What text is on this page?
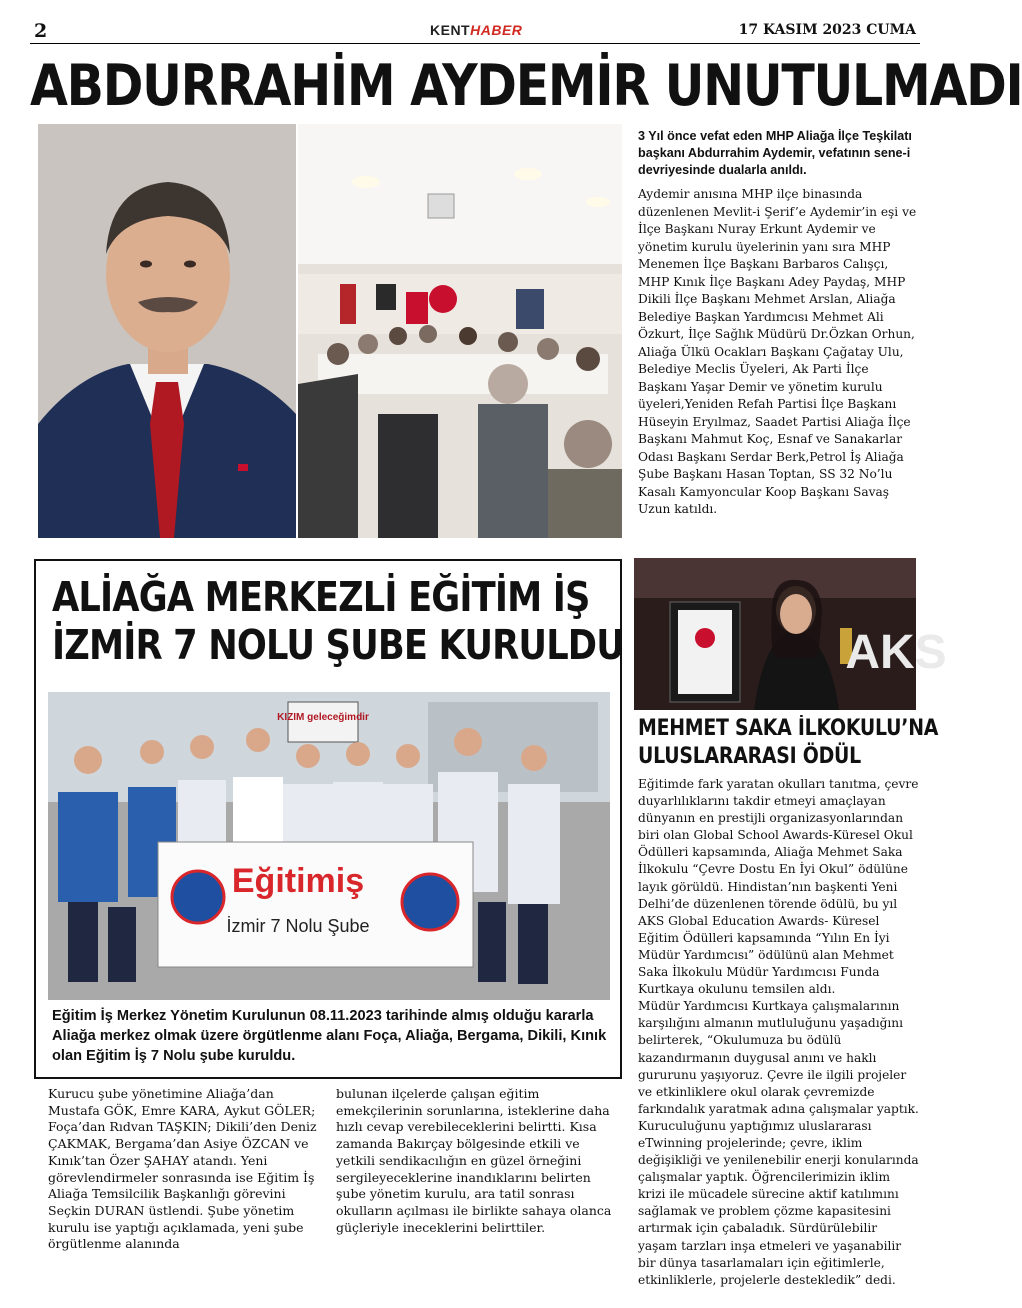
2	KENTHABER	17 KASIM 2023 CUMA
ABDURRAHİM AYDEMİR UNUTULMADI
3 Yıl önce vefat eden MHP Aliağa İlçe Teşkilatı başkanı Abdurrahim Aydemir, vefatının sene-i devriyesinde dualarla anıldı.
Aydemir anısına MHP ilçe binasında düzenlenen Mevlit-i Şerif’e Aydemir’in eşi ve İlçe Başkanı Nuray Erkunt Aydemir ve yönetim kurulu üyelerinin yanı sıra MHP Menemen İlçe Başkanı Barbaros Calışçı, MHP Kınık İlçe Başkanı Adey Paydaş, MHP Dikili İlçe Başkanı Mehmet Arslan, Aliağa Belediye Başkan Yardımcısı Mehmet Ali Özkurt, İlçe Sağlık Müdürü Dr.Özkan Orhun, Aliağa Ülkü Ocakları Başkanı Çağatay Ulu, Belediye Meclis Üyeleri, Ak Parti İlçe Başkanı Yaşar Demir ve yönetim kurulu üyeleri,Yeniden Refah Partisi İlçe Başkanı Hüseyin Eryılmaz, Saadet Partisi Aliağa İlçe Başkanı Mahmut Koç, Esnaf ve Sanakarlar Odası Başkanı Serdar Berk,Petrol İş Aliağa Şube Başkanı Hasan Toptan, SS 32 No’lu Kasalı Kamyoncular Koop Başkanı Savaş Uzun katıldı.
ALİAĞA MERKEZLİ EĞİTİM İŞ
İZMİR 7 NOLU ŞUBE KURULDU
KIZIM geleceğimdir
Eğitimiş
İzmir 7 Nolu Şube
Eğitim İş Merkez Yönetim Kurulunun 08.11.2023 tarihinde almış olduğu kararla Aliağa merkez olmak üzere örgütlenme alanı Foça, Aliağa, Bergama, Dikili, Kınık olan Eğitim İş 7 Nolu şube kuruldu.
Kurucu şube yönetimine Aliağa’dan Mustafa GÖK, Emre KARA, Aykut GÖLER; Foça’dan Rıdvan TAŞKIN; Dikili’den Deniz ÇAKMAK, Bergama’dan Asiye ÖZCAN ve Kınık’tan Özer ŞAHAY atandı. Yeni görevlendirmeler sonrasında ise Eğitim İş Aliağa Temsilcilik Başkanlığı görevini Seçkin DURAN üstlendi. Şube yönetim kurulu ise yaptığı açıklamada, yeni şube örgütlenme alanında
bulunan ilçelerde çalışan eğitim emekçilerinin sorunlarına, isteklerine daha hızlı cevap verebileceklerini belirtti. Kısa zamanda Bakırçay bölgesinde etkili ve yetkili sendikacılığın en güzel örneğini sergileyeceklerine inandıklarını belirten şube yönetim kurulu, ara tatil sonrası okulların açılması ile birlikte sahaya olanca güçleriyle ineceklerini belirttiler.
AKS
MEHMET SAKA İLKOKULU’NA
ULUSLARARASI ÖDÜL

Eğitimde fark yaratan okulları tanıtma, çevre duyarlılıklarını takdir etmeyi amaçlayan dünyanın en prestijli organizasyonlarından biri olan Global School Awards-Küresel Okul Ödülleri kapsamında, Aliağa Mehmet Saka İlkokulu “Çevre Dostu En İyi Okul” ödülüne layık görüldü. Hindistan’nın başkenti Yeni Delhi’de düzenlenen törende ödülü, bu yıl AKS Global Education Awards- Küresel Eğitim Ödülleri kapsamında “Yılın En İyi Müdür Yardımcısı” ödülünü alan Mehmet Saka İlkokulu Müdür Yardımcısı Funda Kurtkaya okulunu temsilen aldı.

Müdür Yardımcısı Kurtkaya çalışmalarının karşılığını almanın mutluluğunu yaşadığını belirterek, “Okulumuza bu ödülü kazandırmanın duygusal anını ve haklı gururunu yaşıyoruz. Çevre ile ilgili projeler ve etkinliklere okul olarak çevremizde farkındalık yaratmak adına çalışmalar yaptık. Kuruculuğunu yaptığımız uluslararası eTwinning projelerinde; çevre, iklim değişikliği ve yenilenebilir enerji konularında çalışmalar yaptık. Öğrencilerimizin iklim krizi ile mücadele sürecine aktif katılımını sağlamak ve problem çözme kapasitesini artırmak için çabaladık. Sürdürülebilir yaşam tarzları inşa etmeleri ve yaşanabilir bir dünya tasarlamaları için eğitimlerle, etkinliklerle, projelerle destekledik” dedi.
